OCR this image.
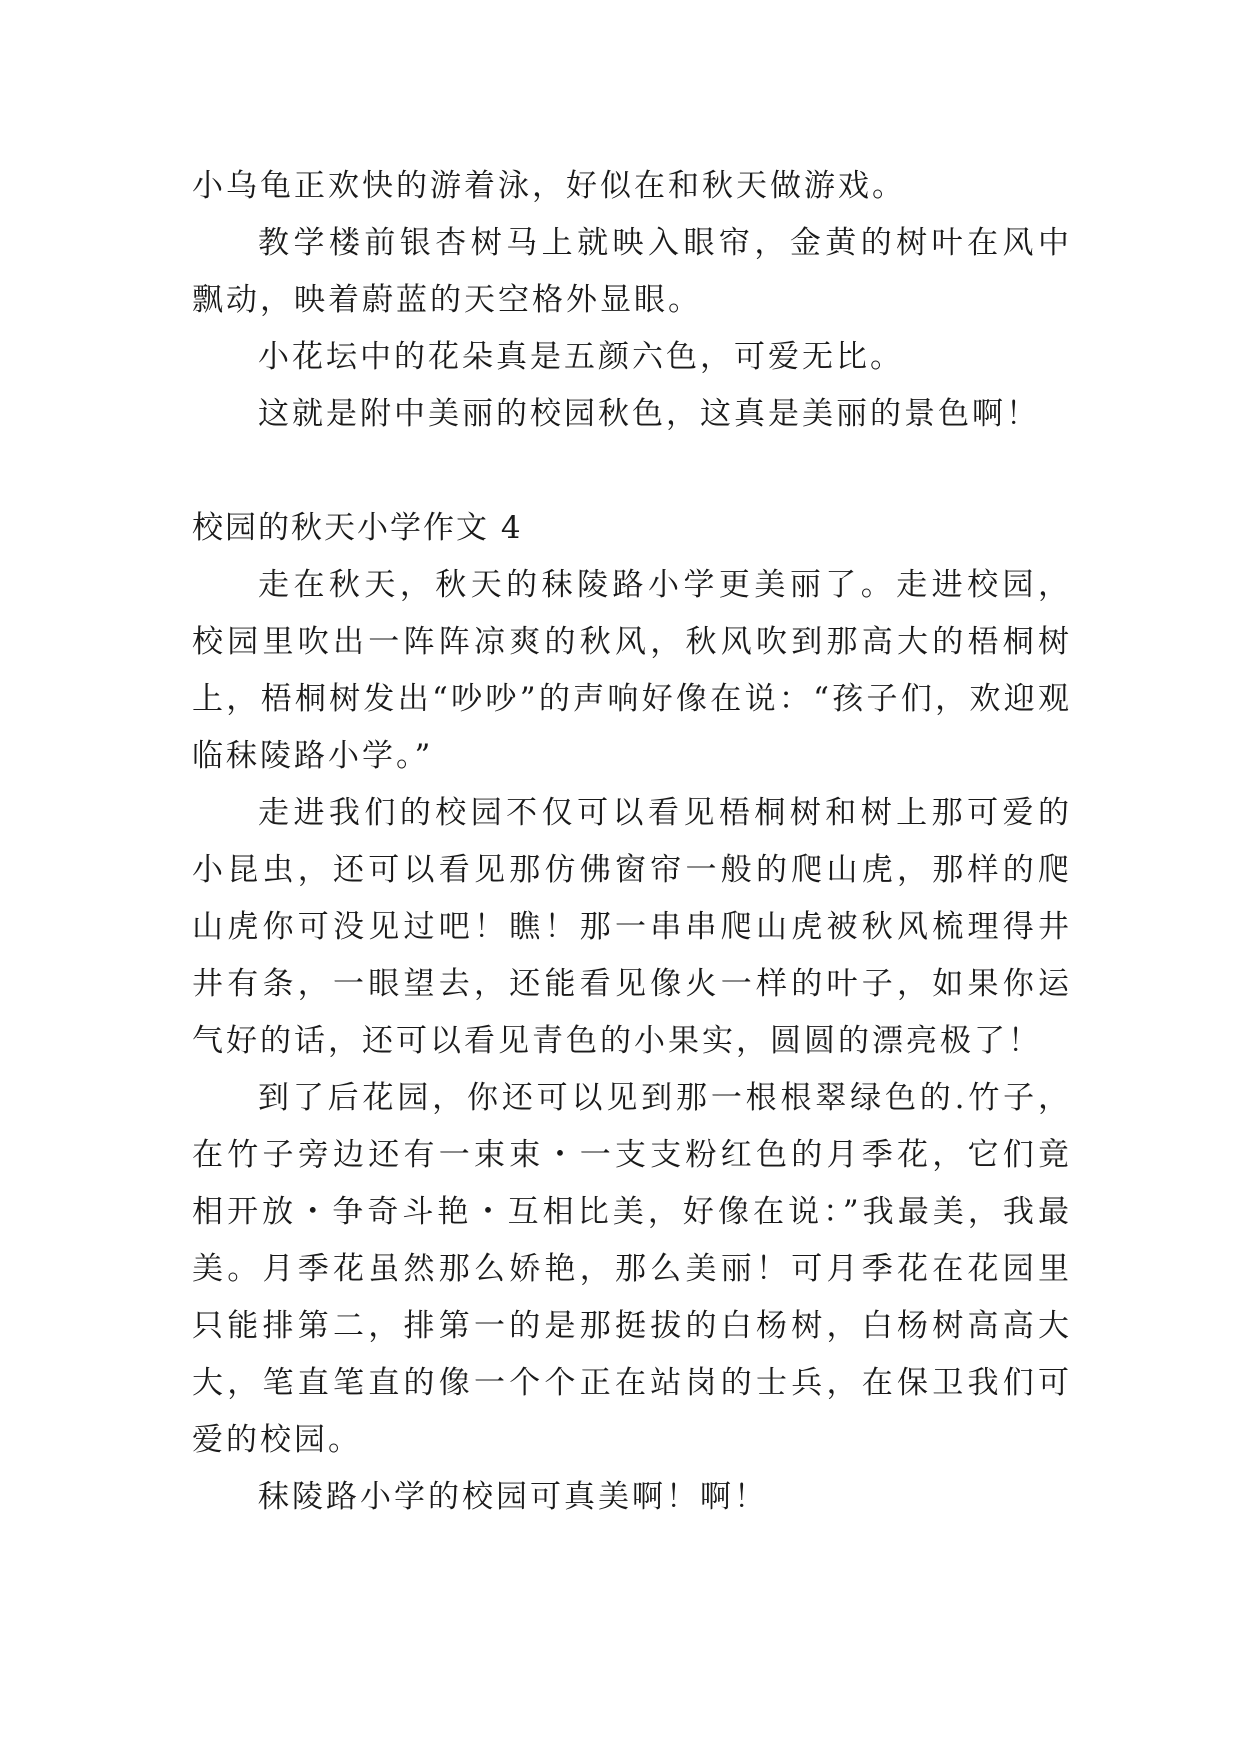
小乌龟正欢快的游着泳，好似在和秋天做游戏。

教学楼前银杏树马上就映入眼帘，金黄的树叶在风中飘动，映着蔚蓝的天空格外显眼。

小花坛中的花朵真是五颜六色，可爱无比。

这就是附中美丽的校园秋色，这真是美丽的景色啊！

校园的秋天小学作文 4

走在秋天，秋天的秣陵路小学更美丽了。走进校园，校园里吹出一阵阵凉爽的秋风，秋风吹到那高大的梧桐树上，梧桐树发出“吵吵”的声响好像在说：“孩子们，欢迎观临秣陵路小学。”

走进我们的校园不仅可以看见梧桐树和树上那可爱的小昆虫，还可以看见那仿佛窗帘一般的爬山虎，那样的爬山虎你可没见过吧！瞧！那一串串爬山虎被秋风梳理得井井有条，一眼望去，还能看见像火一样的叶子，如果你运气好的话，还可以看见青色的小果实，圆圆的漂亮极了！

到了后花园，你还可以见到那一根根翠绿色的.竹子，在竹子旁边还有一束束・一支支粉红色的月季花，它们竟相开放・争奇斗艳・互相比美，好像在说：”我最美，我最美。月季花虽然那么娇艳，那么美丽！可月季花在花园里只能排第二，排第一的是那挺拔的白杨树，白杨树高高大大，笔直笔直的像一个个正在站岗的士兵，在保卫我们可爱的校园。

秣陵路小学的校园可真美啊！啊！
